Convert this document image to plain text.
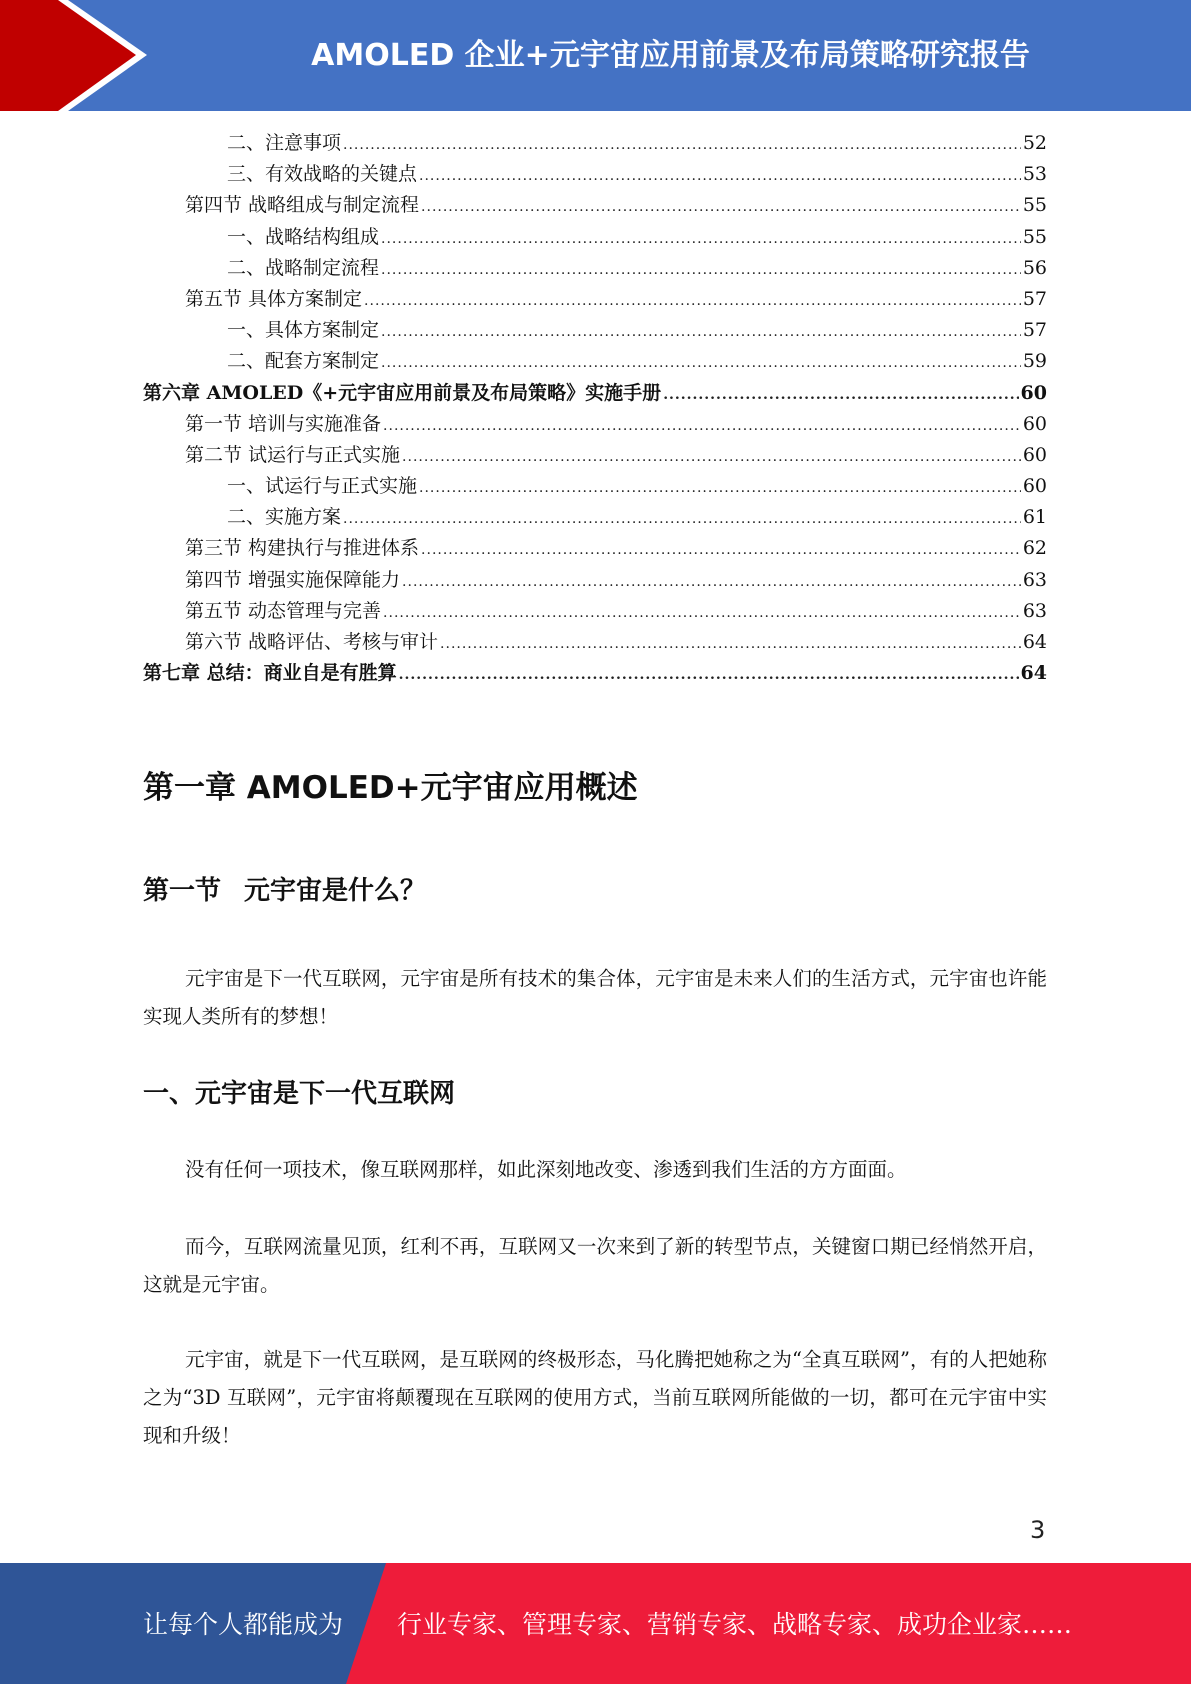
AMOLED 企业+元宇宙应用前景及布局策略研究报告
二、注意事项 .....	52
三、有效战略的关键点 .....	53
第四节 战略组成与制定流程 .....	55
一、战略结构组成 .....	55
二、战略制定流程 .....	56
第五节 具体方案制定 .....	57
一、具体方案制定 .....	57
二、配套方案制定 .....	59
第六章 AMOLED《+元宇宙应用前景及布局策略》实施手册 .....	60
第一节 培训与实施准备 .....	60
第二节 试运行与正式实施 .....	60
一、试运行与正式实施 .....	60
二、实施方案 .....	61
第三节 构建执行与推进体系 .....	62
第四节 增强实施保障能力 .....	63
第五节 动态管理与完善 .....	63
第六节 战略评估、考核与审计 .....	64
第七章 总结：商业自是有胜算 .....	64
第一章 AMOLED+元宇宙应用概述
第一节 元宇宙是什么？

元宇宙是下一代互联网，元宇宙是所有技术的集合体，元宇宙是未来人们的生活方式，元宇宙也许能实现人类所有的梦想！

一、元宇宙是下一代互联网

没有任何一项技术，像互联网那样，如此深刻地改变、渗透到我们生活的方方面面。

而今，互联网流量见顶，红利不再，互联网又一次来到了新的转型节点，关键窗口期已经悄然开启，这就是元宇宙。

元宇宙，就是下一代互联网，是互联网的终极形态，马化腾把她称之为“全真互联网”，有的人把她称之为“3D 互联网”，元宇宙将颠覆现在互联网的使用方式，当前互联网所能做的一切，都可在元宇宙中实现和升级！

3
让每个人都能成为 行业专家、管理专家、营销专家、战略专家、成功企业家……
